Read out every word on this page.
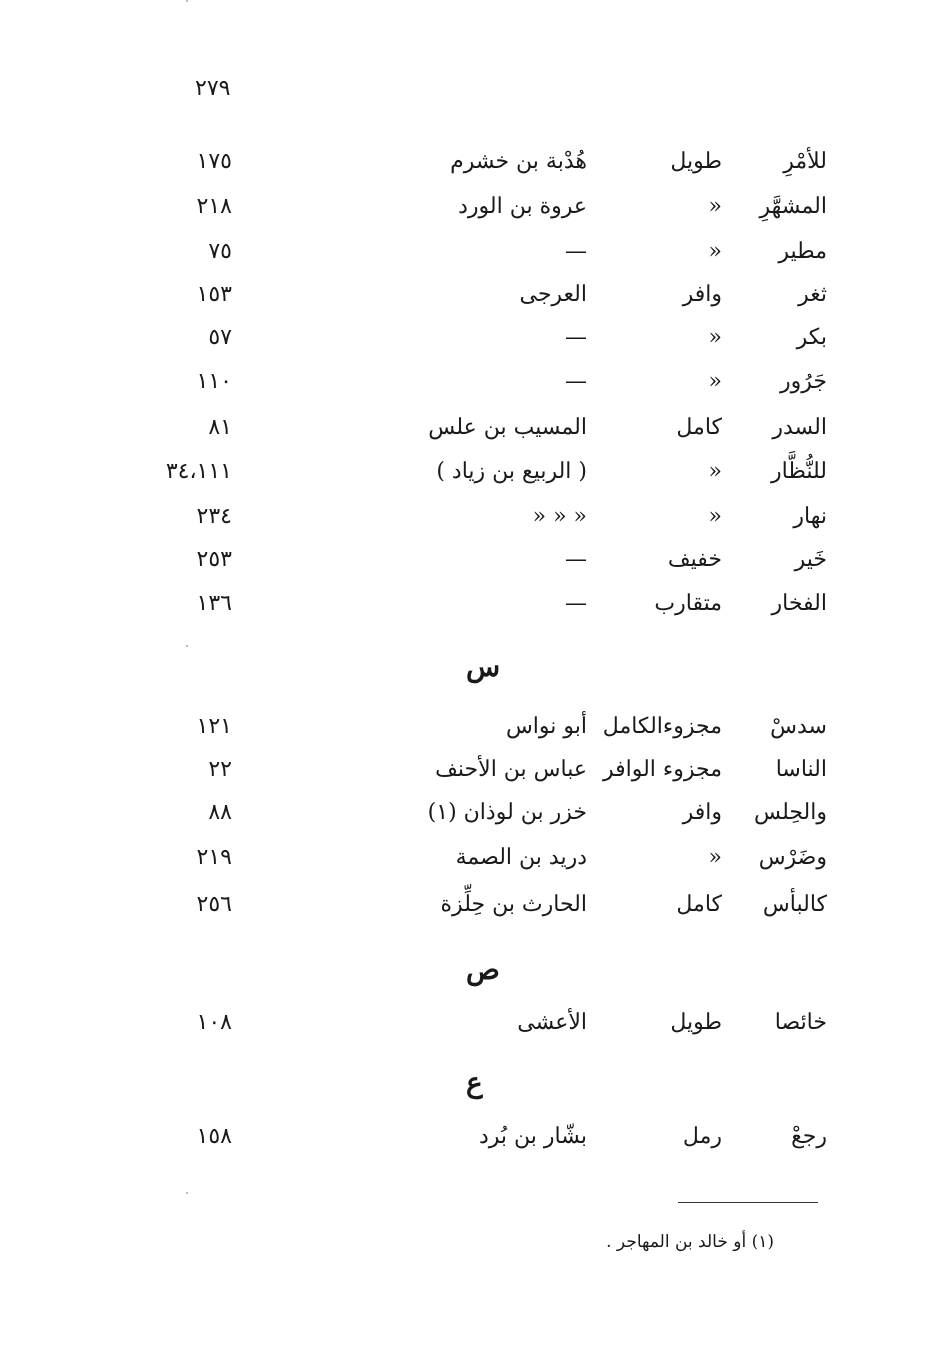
٢٧٩
للأمْرِ
طويل
هُدْبة بن خشرم
١٧٥
المشهَّرِ
»
عروة بن الورد
٢١٨
مطير
»
—
٧٥
ثغر
وافر
العرجى
١٥٣
بكر
»
—
٥٧
جَرُور
»
—
١١٠
السدر
كامل
المسيب بن علس
٨١
للنُّظَّار
»
( الربيع بن زياد )
٣٤،١١١
نهار
»
» » »
٢٣٤
خَير
خفيف
—
٢٥٣
الفخار
متقارب
—
١٣٦
س
سدسْ
مجزوءالكامل
أبو نواس
١٢١
الناسا
مجزوء الوافر
عباس بن الأحنف
٢٢
والحِلس
وافر
خزر بن لوذان (١)
٨٨
وضَرْس
»
دريد بن الصمة
٢١٩
كالبأس
كامل
الحارث بن حِلِّزة
٢٥٦
ص
خائصا
طويل
الأعشى
١٠٨
ع
رجعْ
رمل
بشّار بن بُرد
١٥٨
(١) أو خالد بن المهاجر .
